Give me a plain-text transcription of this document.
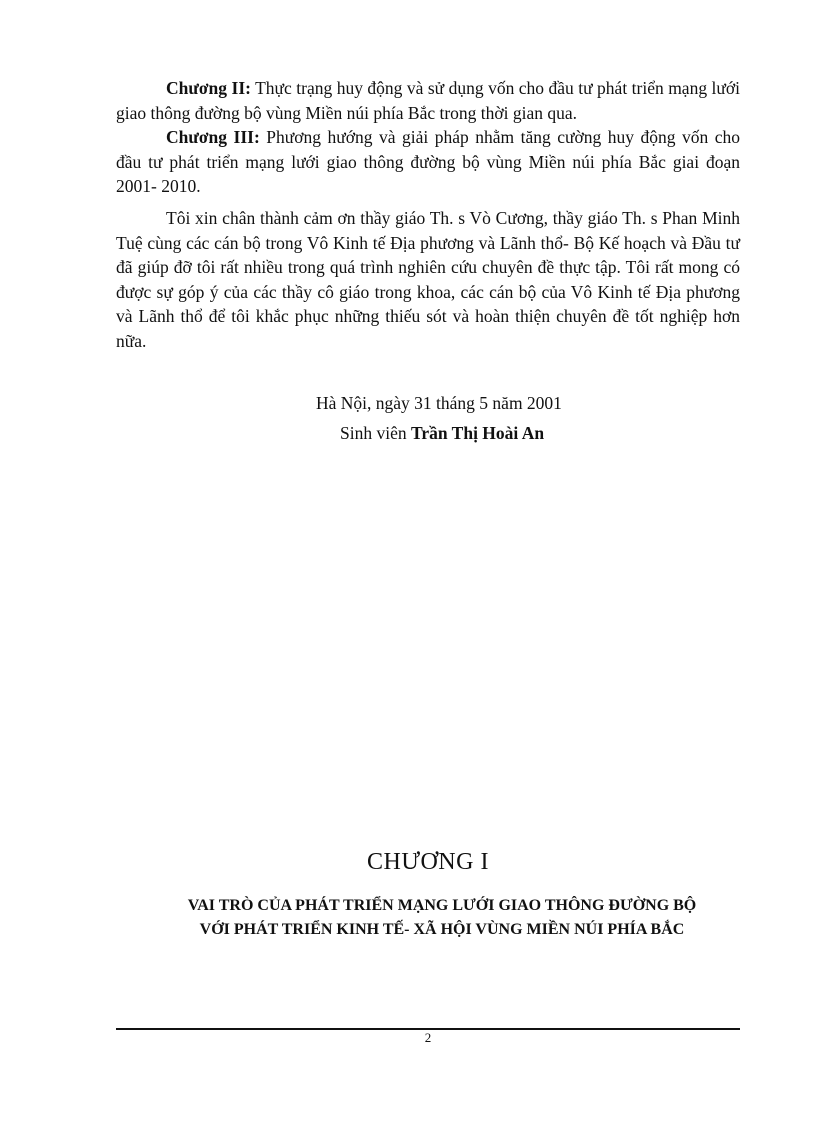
Chương II: Thực trạng huy động và sử dụng vốn cho đầu tư phát triển mạng lưới giao thông đường bộ vùng Miền núi phía Bắc trong thời gian qua.

Chương III: Phương hướng và giải pháp nhằm tăng cường huy động vốn cho đầu tư phát triển mạng lưới giao thông đường bộ vùng Miền núi phía Bắc giai đoạn 2001- 2010.

Tôi xin chân thành cảm ơn thầy giáo Th. s Vò Cương, thầy giáo Th. s Phan Minh Tuệ cùng các cán bộ trong Vô Kinh tế Địa phương và Lãnh thổ- Bộ Kế hoạch và Đầu tư đã giúp đỡ tôi rất nhiều trong quá trình nghiên cứu chuyên đề thực tập. Tôi rất mong có được sự góp ý của các thầy cô giáo trong khoa, các cán bộ của Vô Kinh tế Địa phương và Lãnh thổ để tôi khắc phục những thiếu sót và hoàn thiện chuyên đề tốt nghiệp hơn nữa.

Hà Nội, ngày 31 tháng 5 năm 2001
Sinh viên Trần Thị Hoài An
CHƯƠNG I
VAI TRÒ CỦA PHÁT TRIỂN MẠNG LƯỚI GIAO THÔNG ĐƯỜNG BỘ
VỚI PHÁT TRIỂN KINH TẾ- XÃ HỘI VÙNG MIỀN NÚI PHÍA BẮC
2
